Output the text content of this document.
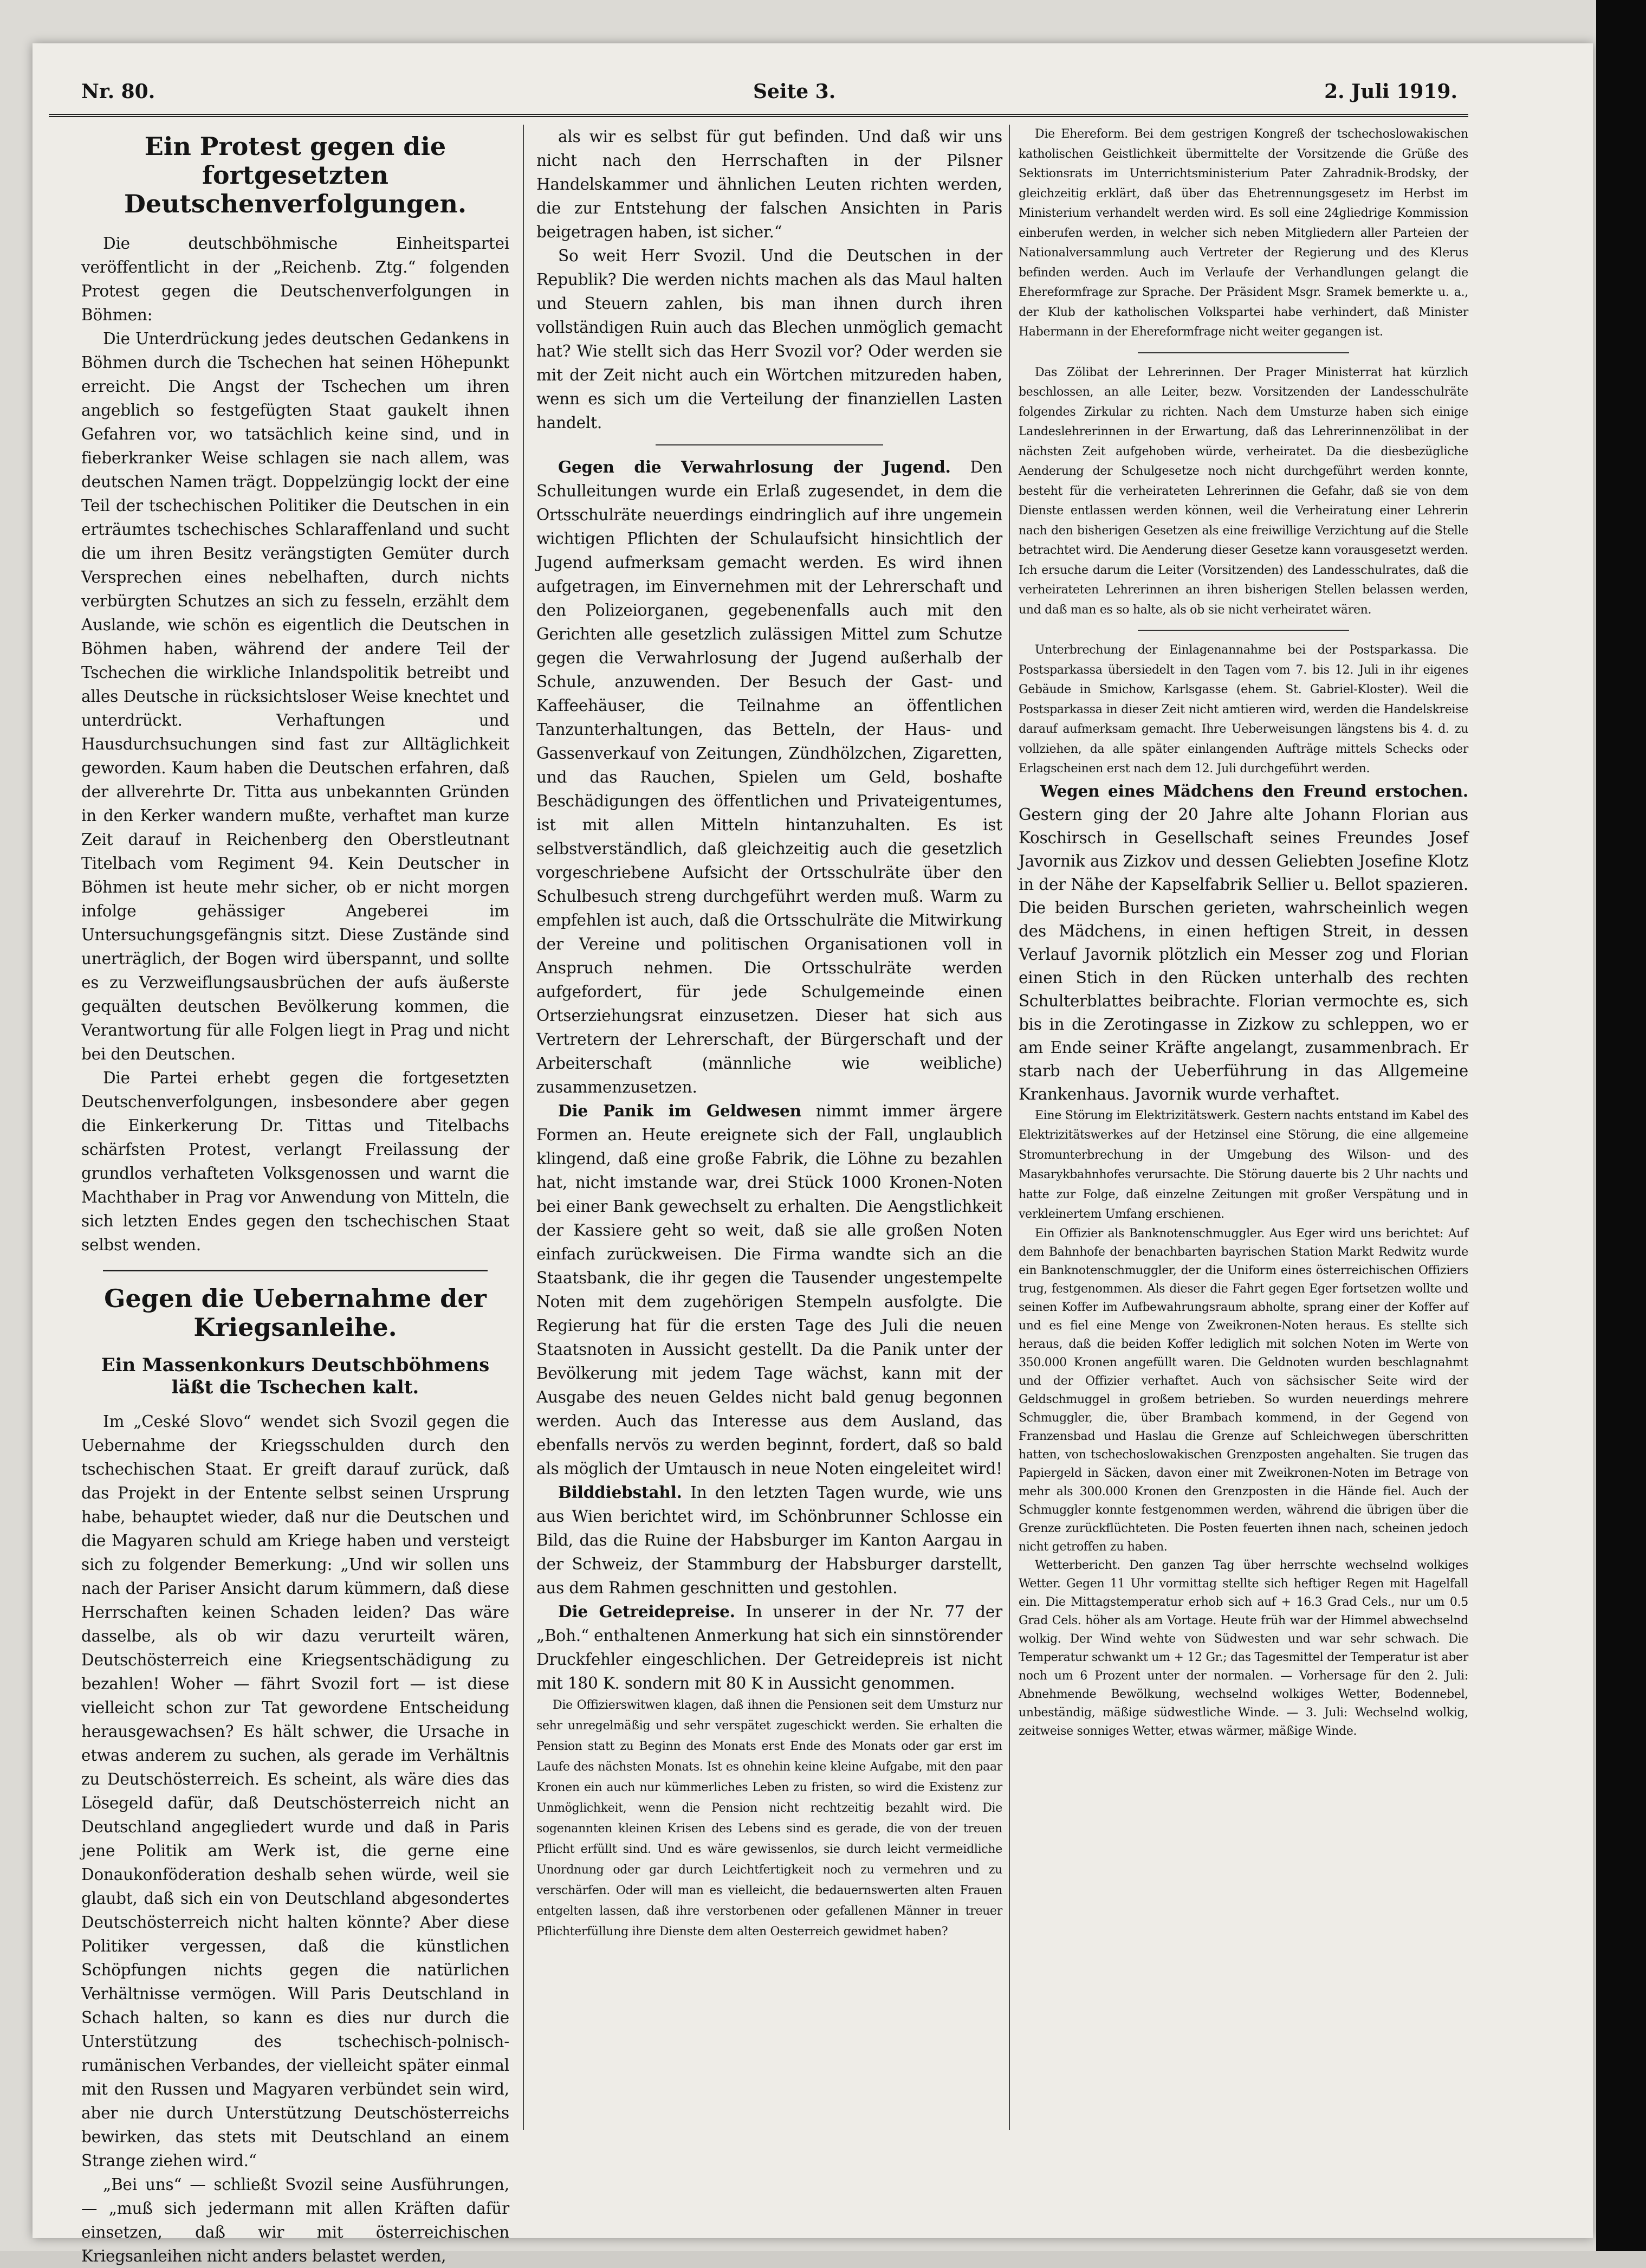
Nr. 80.	Seite 3.	2. Juli 1919.
Ein Protest gegen die fortgesetzten Deutschenverfolgungen.

Die deutschböhmische Einheitspartei veröffentlicht in der „Reichenb. Ztg.“ folgenden Protest gegen die Deutschenverfolgungen in Böhmen:

Die Unterdrückung jedes deutschen Gedankens in Böhmen durch die Tschechen hat seinen Höhepunkt erreicht. Die Angst der Tschechen um ihren angeblich so festgefügten Staat gaukelt ihnen Gefahren vor, wo tatsächlich keine sind, und in fieberkranker Weise schlagen sie nach allem, was deutschen Namen trägt. Doppelzüngig lockt der eine Teil der tschechischen Politiker die Deutschen in ein erträumtes tschechisches Schlaraffenland und sucht die um ihren Besitz verängstigten Gemüter durch Versprechen eines nebelhaften, durch nichts verbürgten Schutzes an sich zu fesseln, erzählt dem Auslande, wie schön es eigentlich die Deutschen in Böhmen haben, während der andere Teil der Tschechen die wirkliche Inlandspolitik betreibt und alles Deutsche in rücksichtsloser Weise knechtet und unterdrückt. Verhaftungen und Hausdurchsuchungen sind fast zur Alltäglichkeit geworden. Kaum haben die Deutschen erfahren, daß der allverehrte Dr. Titta aus unbekannten Gründen in den Kerker wandern mußte, verhaftet man kurze Zeit darauf in Reichenberg den Oberstleutnant Titelbach vom Regiment 94. Kein Deutscher in Böhmen ist heute mehr sicher, ob er nicht morgen infolge gehässiger Angeberei im Untersuchungsgefängnis sitzt. Diese Zustände sind unerträglich, der Bogen wird überspannt, und sollte es zu Verzweiflungsausbrüchen der aufs äußerste gequälten deutschen Bevölkerung kommen, die Verantwortung für alle Folgen liegt in Prag und nicht bei den Deutschen.

Die Partei erhebt gegen die fortgesetzten Deutschenverfolgungen, insbesondere aber gegen die Einkerkerung Dr. Tittas und Titelbachs schärfsten Protest, verlangt Freilassung der grundlos verhafteten Volksgenossen und warnt die Machthaber in Prag vor Anwendung von Mitteln, die sich letzten Endes gegen den tschechischen Staat selbst wenden.

Gegen die Uebernahme der Kriegsanleihe.
Ein Massenkonkurs Deutschböhmens läßt die Tschechen kalt.

Im „Ceské Slovo“ wendet sich Svozil gegen die Uebernahme der Kriegsschulden durch den tschechischen Staat. Er greift darauf zurück, daß das Projekt in der Entente selbst seinen Ursprung habe, behauptet wieder, daß nur die Deutschen und die Magyaren schuld am Kriege haben und versteigt sich zu folgender Bemerkung: „Und wir sollen uns nach der Pariser Ansicht darum kümmern, daß diese Herrschaften keinen Schaden leiden? Das wäre dasselbe, als ob wir dazu verurteilt wären, Deutschösterreich eine Kriegsentschädigung zu bezahlen! Woher — fährt Svozil fort — ist diese vielleicht schon zur Tat gewordene Entscheidung herausgewachsen? Es hält schwer, die Ursache in etwas anderem zu suchen, als gerade im Verhältnis zu Deutschösterreich. Es scheint, als wäre dies das Lösegeld dafür, daß Deutschösterreich nicht an Deutschland angegliedert wurde und daß in Paris jene Politik am Werk ist, die gerne eine Donaukonföderation deshalb sehen würde, weil sie glaubt, daß sich ein von Deutschland abgesondertes Deutschösterreich nicht halten könnte? Aber diese Politiker vergessen, daß die künstlichen Schöpfungen nichts gegen die natürlichen Verhältnisse vermögen. Will Paris Deutschland in Schach halten, so kann es dies nur durch die Unterstützung des tschechisch-polnisch-rumänischen Verbandes, der vielleicht später einmal mit den Russen und Magyaren verbündet sein wird, aber nie durch Unterstützung Deutschösterreichs bewirken, das stets mit Deutschland an einem Strange ziehen wird.“

„Bei uns“ — schließt Svozil seine Ausführungen, — „muß sich jedermann mit allen Kräften dafür einsetzen, daß wir mit österreichischen Kriegsanleihen nicht anders belastet werden,

als wir es selbst für gut befinden. Und daß wir uns nicht nach den Herrschaften in der Pilsner Handelskammer und ähnlichen Leuten richten werden, die zur Entstehung der falschen Ansichten in Paris beigetragen haben, ist sicher.“

So weit Herr Svozil. Und die Deutschen in der Republik? Die werden nichts machen als das Maul halten und Steuern zahlen, bis man ihnen durch ihren vollständigen Ruin auch das Blechen unmöglich gemacht hat? Wie stellt sich das Herr Svozil vor? Oder werden sie mit der Zeit nicht auch ein Wörtchen mitzureden haben, wenn es sich um die Verteilung der finanziellen Lasten handelt.

Gegen die Verwahrlosung der Jugend. Den Schulleitungen wurde ein Erlaß zugesendet, in dem die Ortsschulräte neuerdings eindringlich auf ihre ungemein wichtigen Pflichten der Schulaufsicht hinsichtlich der Jugend aufmerksam gemacht werden. Es wird ihnen aufgetragen, im Einvernehmen mit der Lehrerschaft und den Polizeiorganen, gegebenenfalls auch mit den Gerichten alle gesetzlich zulässigen Mittel zum Schutze gegen die Verwahrlosung der Jugend außerhalb der Schule, anzuwenden. Der Besuch der Gast- und Kaffeehäuser, die Teilnahme an öffentlichen Tanzunterhaltungen, das Betteln, der Haus- und Gassenverkauf von Zeitungen, Zündhölzchen, Zigaretten, und das Rauchen, Spielen um Geld, boshafte Beschädigungen des öffentlichen und Privateigentumes, ist mit allen Mitteln hintanzuhalten. Es ist selbstverständlich, daß gleichzeitig auch die gesetzlich vorgeschriebene Aufsicht der Ortsschulräte über den Schulbesuch streng durchgeführt werden muß. Warm zu empfehlen ist auch, daß die Ortsschulräte die Mitwirkung der Vereine und politischen Organisationen voll in Anspruch nehmen. Die Ortsschulräte werden aufgefordert, für jede Schulgemeinde einen Ortserziehungsrat einzusetzen. Dieser hat sich aus Vertretern der Lehrerschaft, der Bürgerschaft und der Arbeiterschaft (männliche wie weibliche) zusammenzusetzen.

Die Panik im Geldwesen nimmt immer ärgere Formen an. Heute ereignete sich der Fall, unglaublich klingend, daß eine große Fabrik, die Löhne zu bezahlen hat, nicht imstande war, drei Stück 1000 Kronen-Noten bei einer Bank gewechselt zu erhalten. Die Aengstlichkeit der Kassiere geht so weit, daß sie alle großen Noten einfach zurückweisen. Die Firma wandte sich an die Staatsbank, die ihr gegen die Tausender ungestempelte Noten mit dem zugehörigen Stempeln ausfolgte. Die Regierung hat für die ersten Tage des Juli die neuen Staatsnoten in Aussicht gestellt. Da die Panik unter der Bevölkerung mit jedem Tage wächst, kann mit der Ausgabe des neuen Geldes nicht bald genug begonnen werden. Auch das Interesse aus dem Ausland, das ebenfalls nervös zu werden beginnt, fordert, daß so bald als möglich der Umtausch in neue Noten eingeleitet wird!

Bilddiebstahl. In den letzten Tagen wurde, wie uns aus Wien berichtet wird, im Schönbrunner Schlosse ein Bild, das die Ruine der Habsburger im Kanton Aargau in der Schweiz, der Stammburg der Habsburger darstellt, aus dem Rahmen geschnitten und gestohlen.

Die Getreidepreise. In unserer in der Nr. 77 der „Boh.“ enthaltenen Anmerkung hat sich ein sinnstörender Druckfehler eingeschlichen. Der Getreidepreis ist nicht mit 180 K. sondern mit 80 K in Aussicht genommen.

Die Offizierswitwen klagen, daß ihnen die Pensionen seit dem Umsturz nur sehr unregelmäßig und sehr verspätet zugeschickt werden. Sie erhalten die Pension statt zu Beginn des Monats erst Ende des Monats oder gar erst im Laufe des nächsten Monats. Ist es ohnehin keine kleine Aufgabe, mit den paar Kronen ein auch nur kümmerliches Leben zu fristen, so wird die Existenz zur Unmöglichkeit, wenn die Pension nicht rechtzeitig bezahlt wird. Die sogenannten kleinen Krisen des Lebens sind es gerade, die von der treuen Pflicht erfüllt sind. Und es wäre gewissenlos, sie durch leicht vermeidliche Unordnung oder gar durch Leichtfertigkeit noch zu vermehren und zu verschärfen. Oder will man es vielleicht, die bedauernswerten alten Frauen entgelten lassen, daß ihre verstorbenen oder gefallenen Männer in treuer Pflichterfüllung ihre Dienste dem alten Oesterreich gewidmet haben?

Die Ehereform. Bei dem gestrigen Kongreß der tschechoslowakischen katholischen Geistlichkeit übermittelte der Vorsitzende die Grüße des Sektionsrats im Unterrichtsministerium Pater Zahradnik-Brodsky, der gleichzeitig erklärt, daß über das Ehetrennungsgesetz im Herbst im Ministerium verhandelt werden wird. Es soll eine 24gliedrige Kommission einberufen werden, in welcher sich neben Mitgliedern aller Parteien der Nationalversammlung auch Vertreter der Regierung und des Klerus befinden werden. Auch im Verlaufe der Verhandlungen gelangt die Ehereformfrage zur Sprache. Der Präsident Msgr. Sramek bemerkte u. a., der Klub der katholischen Volkspartei habe verhindert, daß Minister Habermann in der Ehereformfrage nicht weiter gegangen ist.

Das Zölibat der Lehrerinnen. Der Prager Ministerrat hat kürzlich beschlossen, an alle Leiter, bezw. Vorsitzenden der Landesschulräte folgendes Zirkular zu richten. Nach dem Umsturze haben sich einige Landeslehrerinnen in der Erwartung, daß das Lehrerinnenzölibat in der nächsten Zeit aufgehoben würde, verheiratet. Da die diesbezügliche Aenderung der Schulgesetze noch nicht durchgeführt werden konnte, besteht für die verheirateten Lehrerinnen die Gefahr, daß sie von dem Dienste entlassen werden können, weil die Verheiratung einer Lehrerin nach den bisherigen Gesetzen als eine freiwillige Verzichtung auf die Stelle betrachtet wird. Die Aenderung dieser Gesetze kann vorausgesetzt werden. Ich ersuche darum die Leiter (Vorsitzenden) des Landesschulrates, daß die verheirateten Lehrerinnen an ihren bisherigen Stellen belassen werden, und daß man es so halte, als ob sie nicht verheiratet wären.

Unterbrechung der Einlagenannahme bei der Postsparkassa. Die Postsparkassa übersiedelt in den Tagen vom 7. bis 12. Juli in ihr eigenes Gebäude in Smichow, Karlsgasse (ehem. St. Gabriel-Kloster). Weil die Postsparkassa in dieser Zeit nicht amtieren wird, werden die Handelskreise darauf aufmerksam gemacht. Ihre Ueberweisungen längstens bis 4. d. zu vollziehen, da alle später einlangenden Aufträge mittels Schecks oder Erlagscheinen erst nach dem 12. Juli durchgeführt werden.

Wegen eines Mädchens den Freund erstochen. Gestern ging der 20 Jahre alte Johann Florian aus Koschirsch in Gesellschaft seines Freundes Josef Javornik aus Zizkov und dessen Geliebten Josefine Klotz in der Nähe der Kapselfabrik Sellier u. Bellot spazieren. Die beiden Burschen gerieten, wahrscheinlich wegen des Mädchens, in einen heftigen Streit, in dessen Verlauf Javornik plötzlich ein Messer zog und Florian einen Stich in den Rücken unterhalb des rechten Schulterblattes beibrachte. Florian vermochte es, sich bis in die Zerotingasse in Zizkow zu schleppen, wo er am Ende seiner Kräfte angelangt, zusammenbrach. Er starb nach der Ueberführung in das Allgemeine Krankenhaus. Javornik wurde verhaftet.

Eine Störung im Elektrizitätswerk. Gestern nachts entstand im Kabel des Elektrizitätswerkes auf der Hetzinsel eine Störung, die eine allgemeine Stromunterbrechung in der Umgebung des Wilson- und des Masarykbahnhofes verursachte. Die Störung dauerte bis 2 Uhr nachts und hatte zur Folge, daß einzelne Zeitungen mit großer Verspätung und in verkleinertem Umfang erschienen.

Ein Offizier als Banknotenschmuggler. Aus Eger wird uns berichtet: Auf dem Bahnhofe der benachbarten bayrischen Station Markt Redwitz wurde ein Banknotenschmuggler, der die Uniform eines österreichischen Offiziers trug, festgenommen. Als dieser die Fahrt gegen Eger fortsetzen wollte und seinen Koffer im Aufbewahrungsraum abholte, sprang einer der Koffer auf und es fiel eine Menge von Zweikronen-Noten heraus. Es stellte sich heraus, daß die beiden Koffer lediglich mit solchen Noten im Werte von 350.000 Kronen angefüllt waren. Die Geldnoten wurden beschlagnahmt und der Offizier verhaftet. Auch von sächsischer Seite wird der Geldschmuggel in großem betrieben. So wurden neuerdings mehrere Schmuggler, die, über Brambach kommend, in der Gegend von Franzensbad und Haslau die Grenze auf Schleichwegen überschritten hatten, von tschechoslowakischen Grenzposten angehalten. Sie trugen das Papiergeld in Säcken, davon einer mit Zweikronen-Noten im Betrage von mehr als 300.000 Kronen den Grenzposten in die Hände fiel. Auch der Schmuggler konnte festgenommen werden, während die übrigen über die Grenze zurückflüchteten. Die Posten feuerten ihnen nach, scheinen jedoch nicht getroffen zu haben.

Wetterbericht. Den ganzen Tag über herrschte wechselnd wolkiges Wetter. Gegen 11 Uhr vormittag stellte sich heftiger Regen mit Hagelfall ein. Die Mittagstemperatur erhob sich auf + 16.3 Grad Cels., nur um 0.5 Grad Cels. höher als am Vortage. Heute früh war der Himmel abwechselnd wolkig. Der Wind wehte von Südwesten und war sehr schwach. Die Temperatur schwankt um + 12 Gr.; das Tagesmittel der Temperatur ist aber noch um 6 Prozent unter der normalen. — Vorhersage für den 2. Juli: Abnehmende Bewölkung, wechselnd wolkiges Wetter, Bodennebel, unbeständig, mäßige südwestliche Winde. — 3. Juli: Wechselnd wolkig, zeitweise sonniges Wetter, etwas wärmer, mäßige Winde.
